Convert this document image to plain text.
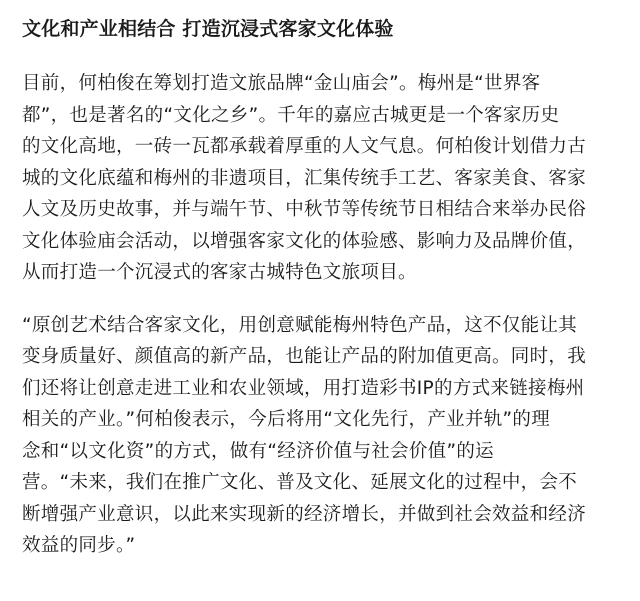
文化和产业相结合 打造沉浸式客家文化体验
目前，何柏俊在筹划打造文旅品牌“金山庙会”。梅州是“世界客
都”，也是著名的“文化之乡”。千年的嘉应古城更是一个客家历史
的文化高地，一砖一瓦都承载着厚重的人文气息。何柏俊计划借力古
城的文化底蕴和梅州的非遗项目，汇集传统手工艺、客家美食、客家
人文及历史故事，并与端午节、中秋节等传统节日相结合来举办民俗
文化体验庙会活动，以增强客家文化的体验感、影响力及品牌价值，
从而打造一个沉浸式的客家古城特色文旅项目。
“原创艺术结合客家文化，用创意赋能梅州特色产品，这不仅能让其
变身质量好、颜值高的新产品，也能让产品的附加值更高。同时，我
们还将让创意走进工业和农业领域，用打造彩书IP的方式来链接梅州
相关的产业。”何柏俊表示，今后将用“文化先行，产业并轨”的理
念和“以文化资”的方式，做有“经济价值与社会价值”的运
营。“未来，我们在推广文化、普及文化、延展文化的过程中，会不
断增强产业意识，以此来实现新的经济增长，并做到社会效益和经济
效益的同步。”
